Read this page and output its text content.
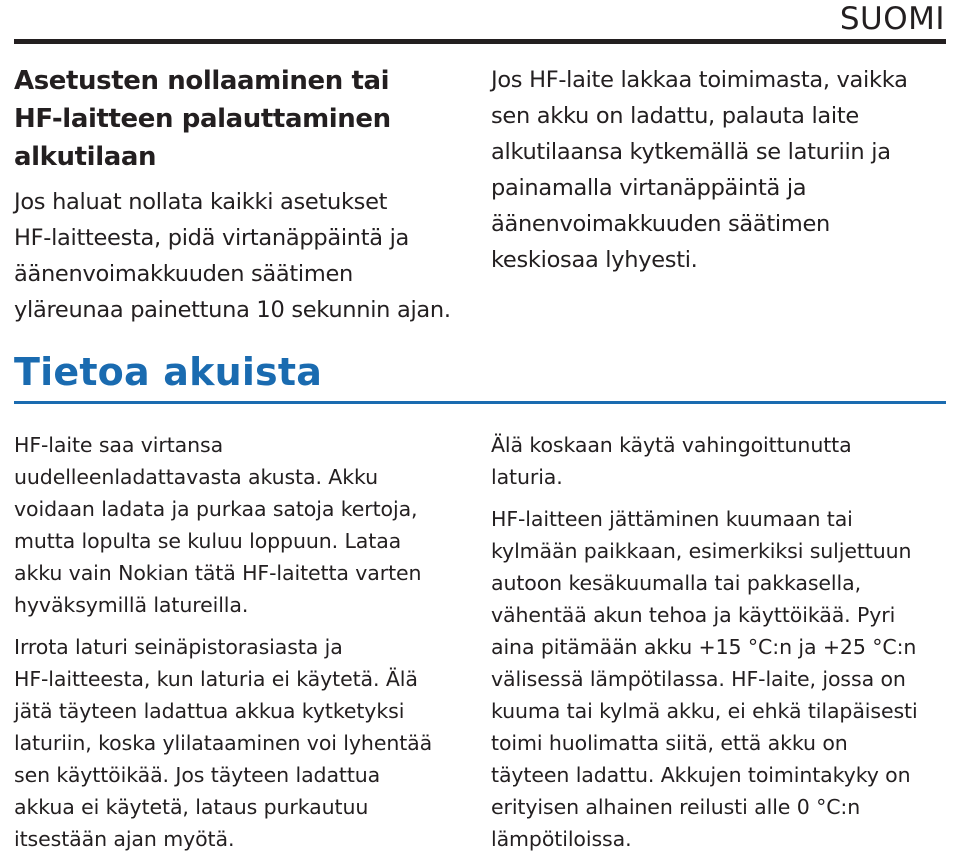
SUOMI
Asetusten nollaaminen tai
HF-laitteen palauttaminen
alkutilaan

Jos haluat nollata kaikki asetukset
HF-laitteesta, pidä virtanäppäintä ja
äänenvoimakkuuden säätimen
yläreunaa painettuna 10 sekunnin ajan.

Jos HF-laite lakkaa toimimasta, vaikka
sen akku on ladattu, palauta laite
alkutilaansa kytkemällä se laturiin ja
painamalla virtanäppäintä ja
äänenvoimakkuuden säätimen
keskiosaa lyhyesti.

Tietoa akuista

HF-laite saa virtansa
uudelleenladattavasta akusta. Akku
voidaan ladata ja purkaa satoja kertoja,
mutta lopulta se kuluu loppuun. Lataa
akku vain Nokian tätä HF-laitetta varten
hyväksymillä latureilla.

Irrota laturi seinäpistorasiasta ja
HF-laitteesta, kun laturia ei käytetä. Älä
jätä täyteen ladattua akkua kytketyksi
laturiin, koska ylilataaminen voi lyhentää
sen käyttöikää. Jos täyteen ladattua
akkua ei käytetä, lataus purkautuu
itsestään ajan myötä.

Älä koskaan käytä vahingoittunutta
laturia.

HF-laitteen jättäminen kuumaan tai
kylmään paikkaan, esimerkiksi suljettuun
autoon kesäkuumalla tai pakkasella,
vähentää akun tehoa ja käyttöikää. Pyri
aina pitämään akku +15 °C:n ja +25 °C:n
välisessä lämpötilassa. HF-laite, jossa on
kuuma tai kylmä akku, ei ehkä tilapäisesti
toimi huolimatta siitä, että akku on
täyteen ladattu. Akkujen toimintakyky on
erityisen alhainen reilusti alle 0 °C:n
lämpötiloissa.
